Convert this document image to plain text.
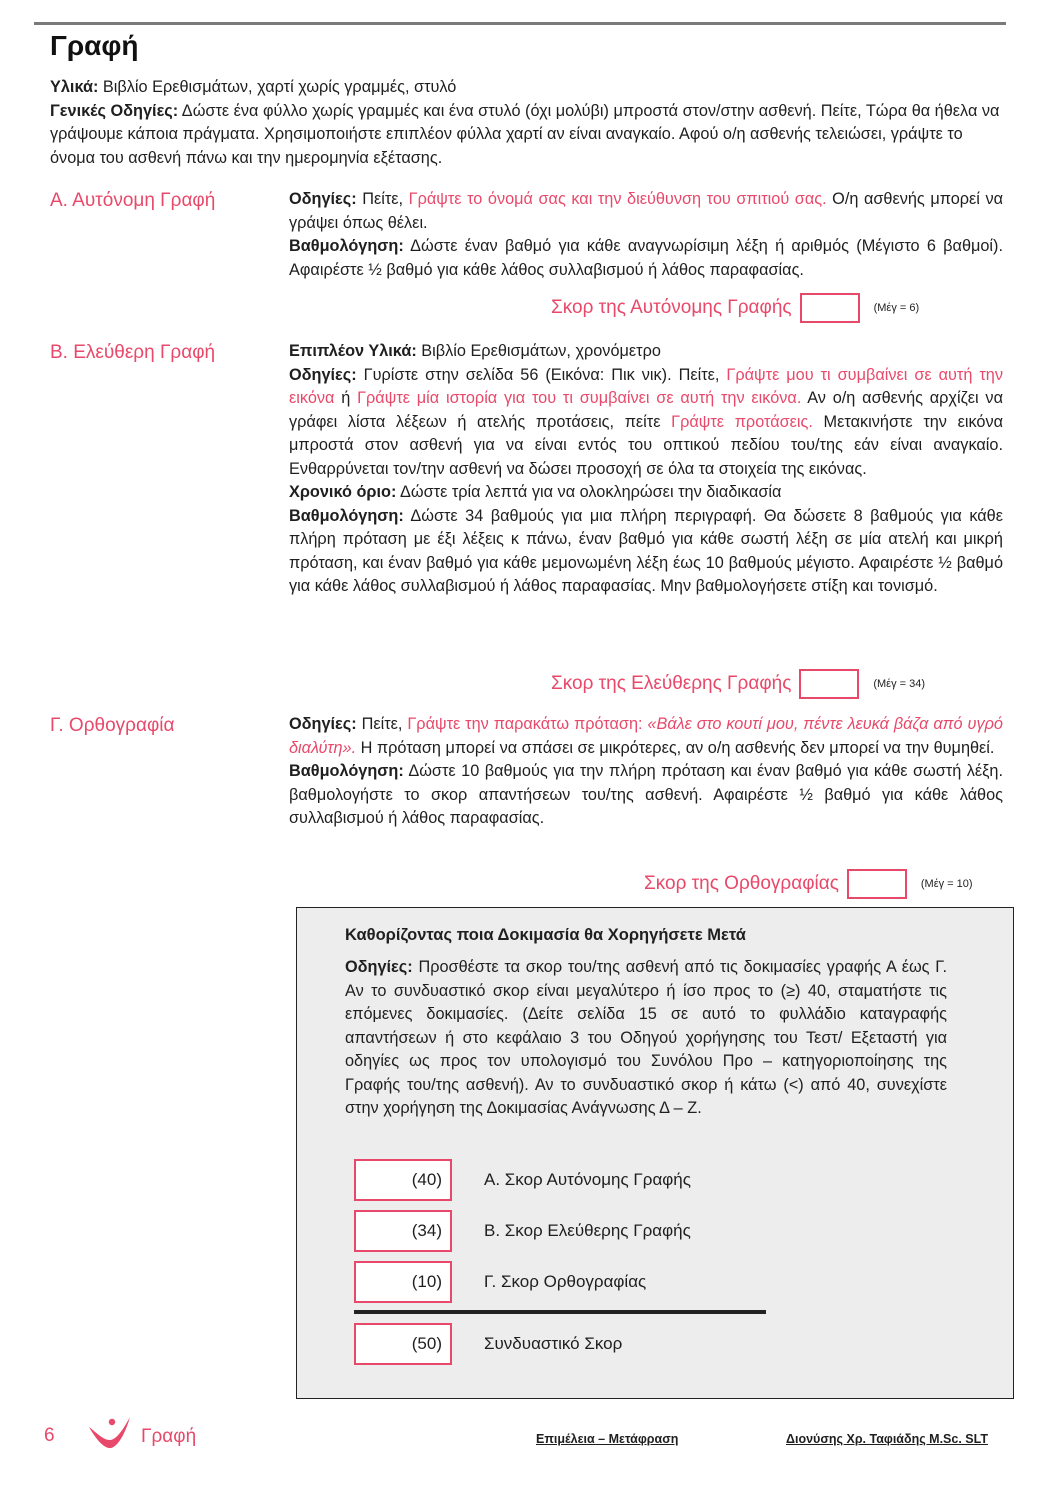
Γραφή

Υλικά: Βιβλίο Ερεθισμάτων, χαρτί χωρίς γραμμές, στυλό

Γενικές Οδηγίες: Δώστε ένα φύλλο χωρίς γραμμές και ένα στυλό (όχι μολύβι) μπροστά στον/στην ασθενή. Πείτε, Τώρα θα ήθελα να γράψουμε κάποια πράγματα. Χρησιμοποιήστε επιπλέον φύλλα χαρτί αν είναι αναγκαίο. Αφού ο/η ασθενής τελειώσει, γράψτε το όνομα του ασθενή πάνω και την ημερομηνία εξέτασης.

Α. Αυτόνομη Γραφή	Οδηγίες: Πείτε, Γράψτε το όνομά σας και την διεύθυνση του σπιτιού σας. Ο/η ασθενής μπορεί να γράψει όπως θέλει.

Βαθμολόγηση: Δώστε έναν βαθμό για κάθε αναγνωρίσιμη λέξη ή αριθμός (Μέγιστο 6 βαθμοί). Αφαιρέστε ½ βαθμό για κάθε λάθος συλλαβισμού ή λάθος παραφασίας.

Σκορ της Αυτόνομης Γραφής	(Μέγ = 6)
Β. Ελεύθερη Γραφή	Επιπλέον Υλικά: Βιβλίο Ερεθισμάτων, χρονόμετρο

Οδηγίες: Γυρίστε στην σελίδα 56 (Εικόνα: Πικ νικ). Πείτε, Γράψτε μου τι συμβαίνει σε αυτή την εικόνα ή Γράψτε μία ιστορία για του τι συμβαίνει σε αυτή την εικόνα. Αν ο/η ασθενής αρχίζει να γράφει λίστα λέξεων ή ατελής προτάσεις, πείτε Γράψτε προτάσεις. Μετακινήστε την εικόνα μπροστά στον ασθενή για να είναι εντός του οπτικού πεδίου του/της εάν είναι αναγκαίο. Ενθαρρύνεται τον/την ασθενή να δώσει προσοχή σε όλα τα στοιχεία της εικόνας.

Χρονικό όριο: Δώστε τρία λεπτά για να ολοκληρώσει την διαδικασία

Βαθμολόγηση: Δώστε 34 βαθμούς για μια πλήρη περιγραφή. Θα δώσετε 8 βαθμούς για κάθε πλήρη πρόταση με έξι λέξεις κ πάνω, έναν βαθμό για κάθε σωστή λέξη σε μία ατελή και μικρή πρόταση, και έναν βαθμό για κάθε μεμονωμένη λέξη έως 10 βαθμούς μέγιστο. Αφαιρέστε ½ βαθμό για κάθε λάθος συλλαβισμού ή λάθος παραφασίας. Μην βαθμολογήσετε στίξη και τονισμό.

Σκορ της Ελεύθερης Γραφής	(Μέγ = 34)
Γ. Ορθογραφία	Οδηγίες: Πείτε, Γράψτε την παρακάτω πρόταση: «Βάλε στο κουτί μου, πέντε λευκά βάζα από υγρό διαλύτη». Η πρόταση μπορεί να σπάσει σε μικρότερες, αν ο/η ασθενής δεν μπορεί να την θυμηθεί.

Βαθμολόγηση: Δώστε 10 βαθμούς για την πλήρη πρόταση και έναν βαθμό για κάθε σωστή λέξη. βαθμολογήστε το σκορ απαντήσεων του/της ασθενή. Αφαιρέστε ½ βαθμό για κάθε λάθος συλλαβισμού ή λάθος παραφασίας.

Σκορ της Ορθογραφίας	(Μέγ = 10)
Καθορίζοντας ποια Δοκιμασία θα Χορηγήσετε Μετά
Οδηγίες: Προσθέστε τα σκορ του/της ασθενή από τις δοκιμασίες γραφής Α έως Γ. Αν το συνδυαστικό σκορ είναι μεγαλύτερο ή ίσο προς το (≥) 40, σταματήστε τις επόμενες δοκιμασίες. (Δείτε σελίδα 15 σε αυτό το φυλλάδιο καταγραφής απαντήσεων ή στο κεφάλαιο 3 του Οδηγού χορήγησης του Τεστ/ Εξεταστή για οδηγίες ως προς τον υπολογισμό του Συνόλου Προ – κατηγοριοποίησης της Γραφής του/της ασθενή). Αν το συνδυαστικό σκορ ή κάτω (<) από 40, συνεχίστε στην χορήγηση της Δοκιμασίας Ανάγνωσης Δ – Ζ.
(40)	Α. Σκορ Αυτόνομης Γραφής
(34)	Β. Σκορ Ελεύθερης Γραφής
(10)	Γ. Σκορ Ορθογραφίας
(50)	Συνδυαστικό Σκορ
6	Γραφή	Επιμέλεια – Μετάφραση	Διονύσης Χρ. Ταφιάδης M.Sc. SLT
